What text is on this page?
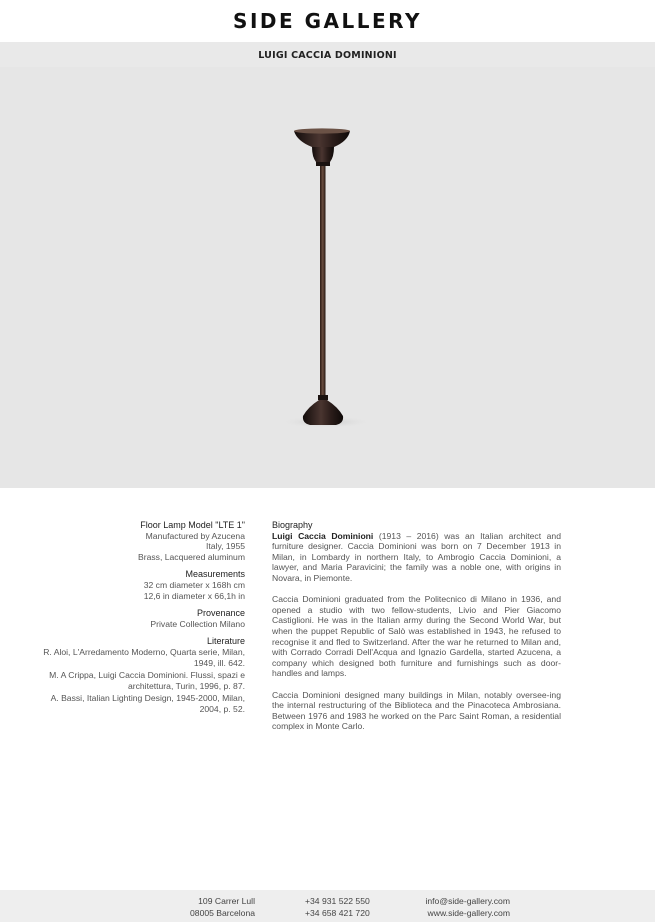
SIDE GALLERY
LUIGI CACCIA DOMINIONI
Floor Lamp Model "LTE 1"
Manufactured by Azucena
Italy, 1955
Brass, Lacquered aluminum
Measurements
32 cm diameter x 168h cm
12,6 in diameter x 66,1h in
Provenance
Private Collection Milano
Literature
R. Aloi, L'Arredamento Moderno, Quarta serie, Milan, 1949, ill. 642.
M. A Crippa, Luigi Caccia Dominioni. Flussi, spazi e architettura, Turin, 1996, p. 87.
A. Bassi, Italian Lighting Design, 1945-2000, Milan, 2004, p. 52.
Biography

Luigi Caccia Dominioni (1913 – 2016) was an Italian architect and furniture designer. Caccia Dominioni was born on 7 December 1913 in Milan, in Lombardy in northern Italy, to Ambrogio Caccia Dominioni, a lawyer, and Maria Paravicini; the family was a noble one, with origins in Novara, in Piemonte.

Caccia Dominioni graduated from the Politecnico di Milano in 1936, and opened a studio with two fellow-students, Livio and Pier Giacomo Castiglioni. He was in the Italian army during the Second World War, but when the puppet Republic of Salò was established in 1943, he refused to recognise it and fled to Switzerland. After the war he returned to Milan and, with Corrado Corradi Dell'Acqua and Ignazio Gardella, started Azucena, a company which designed both furniture and furnishings such as door-handles and lamps.

Caccia Dominioni designed many buildings in Milan, notably oversee-ing the internal restructuring of the Biblioteca and the Pinacoteca Ambrosiana. Between 1976 and 1983 he worked on the Parc Saint Roman, a residential complex in Monte Carlo.

109 Carrer Lull
08005 Barcelona
+34 931 522 550
+34 658 421 720
info@side-gallery.com
www.side-gallery.com
